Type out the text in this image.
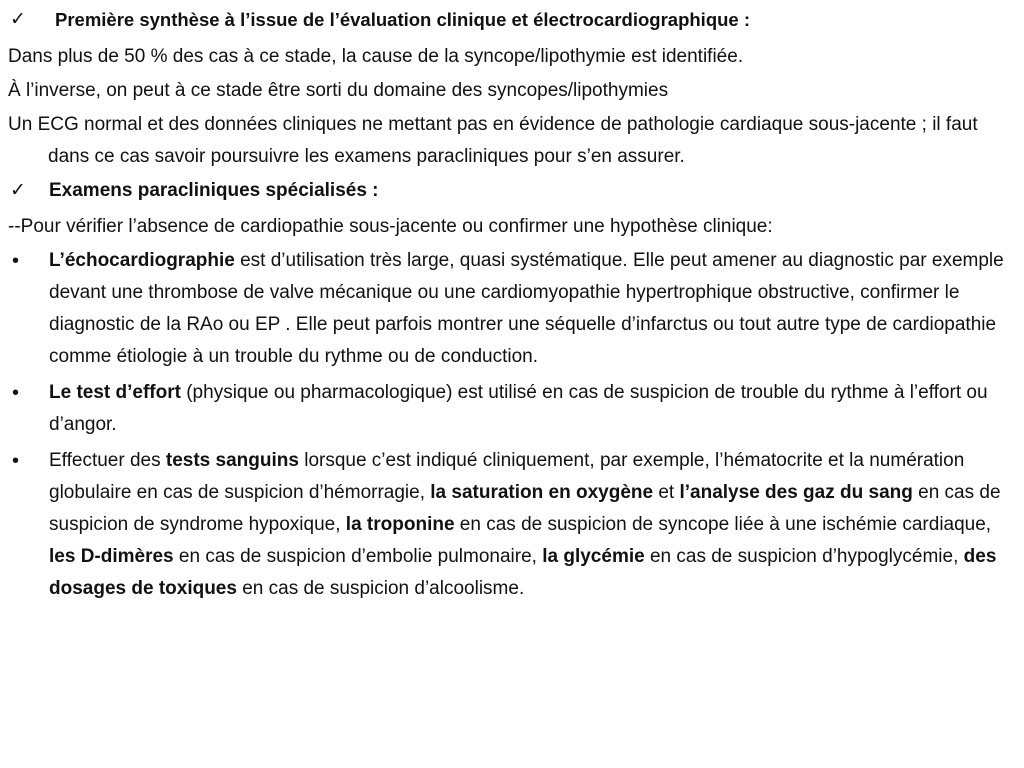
✓	Première synthèse à l’issue de l’évaluation clinique et électrocardiographique :

Dans plus de 50 % des cas à ce stade, la cause de la syncope/lipothymie est identifiée.

À l’inverse, on peut à ce stade être sorti du domaine des syncopes/lipothymies

Un ECG normal et des données cliniques ne mettant pas en évidence de pathologie cardiaque sous-jacente ; il faut dans ce cas savoir poursuivre les examens paracliniques pour s’en assurer.

✓	Examens paracliniques spécialisés :

--Pour vérifier l’absence de cardiopathie sous-jacente ou confirmer une hypothèse clinique:

•	L’échocardiographie est d’utilisation très large, quasi systématique. Elle peut amener au diagnostic par exemple devant une thrombose de valve mécanique ou une cardiomyopathie hypertrophique obstructive, confirmer le diagnostic de la RAo ou EP . Elle peut parfois montrer une séquelle d’infarctus ou tout autre type de cardiopathie comme étiologie à un trouble du rythme ou de conduction.
•	Le test d’effort (physique ou pharmacologique) est utilisé en cas de suspicion de trouble du rythme à l’effort ou d’angor.
•	Effectuer des tests sanguins lorsque c’est indiqué cliniquement, par exemple, l’hématocrite et la numération globulaire en cas de suspicion d’hémorragie, la saturation en oxygène et l’analyse des gaz du sang en cas de suspicion de syndrome hypoxique, la troponine en cas de suspicion de syncope liée à une ischémie cardiaque, les D-dimères en cas de suspicion d’embolie pulmonaire, la glycémie en cas de suspicion d’hypoglycémie, des dosages de toxiques en cas de suspicion d’alcoolisme.
